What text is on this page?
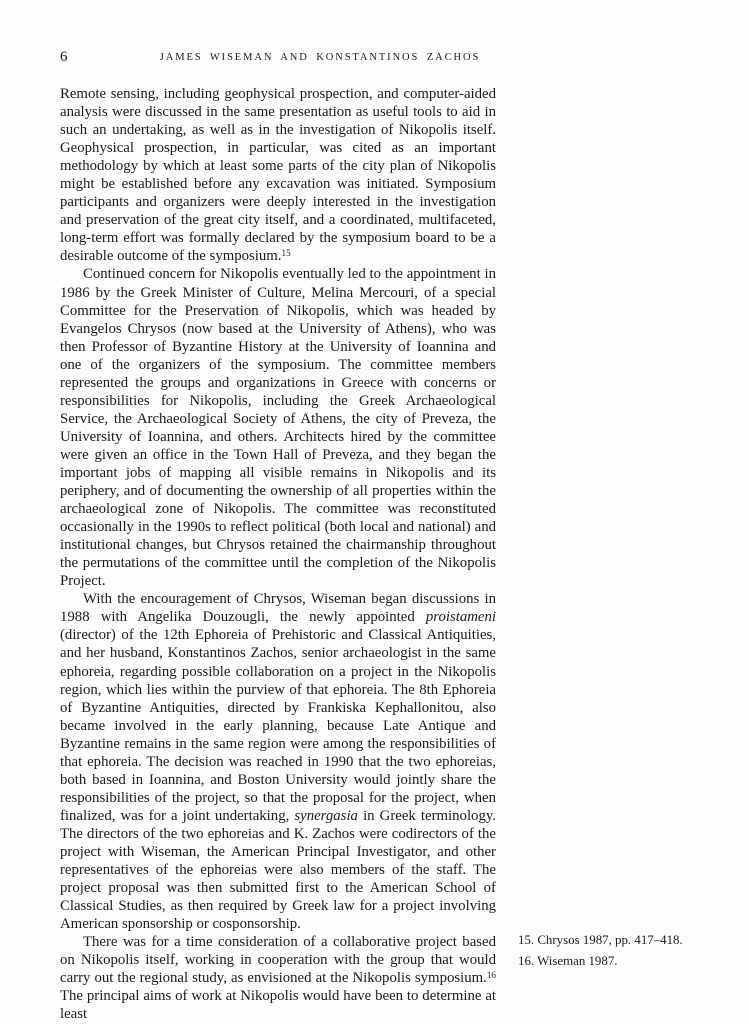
6	JAMES WISEMAN AND KONSTANTINOS ZACHOS

Remote sensing, including geophysical prospection, and computer-aided analysis were discussed in the same presentation as useful tools to aid in such an undertaking, as well as in the investigation of Nikopolis itself. Geophysical prospection, in particular, was cited as an important methodology by which at least some parts of the city plan of Nikopolis might be established before any excavation was initiated. Symposium participants and organizers were deeply interested in the investigation and preservation of the great city itself, and a coordinated, multifaceted, long-term effort was formally declared by the symposium board to be a desirable outcome of the symposium.$^{15}$

Continued concern for Nikopolis eventually led to the appointment in 1986 by the Greek Minister of Culture, Melina Mercouri, of a special Committee for the Preservation of Nikopolis, which was headed by Evangelos Chrysos (now based at the University of Athens), who was then Professor of Byzantine History at the University of Ioannina and one of the organizers of the symposium. The committee members represented the groups and organizations in Greece with concerns or responsibilities for Nikopolis, including the Greek Archaeological Service, the Archaeological Society of Athens, the city of Preveza, the University of Ioannina, and others. Architects hired by the committee were given an office in the Town Hall of Preveza, and they began the important jobs of mapping all visible remains in Nikopolis and its periphery, and of documenting the ownership of all properties within the archaeological zone of Nikopolis. The committee was reconstituted occasionally in the 1990s to reflect political (both local and national) and institutional changes, but Chrysos retained the chairmanship throughout the permutations of the committee until the completion of the Nikopolis Project.

With the encouragement of Chrysos, Wiseman began discussions in 1988 with Angelika Douzougli, the newly appointed proistameni (director) of the 12th Ephoreia of Prehistoric and Classical Antiquities, and her husband, Konstantinos Zachos, senior archaeologist in the same ephoreia, regarding possible collaboration on a project in the Nikopolis region, which lies within the purview of that ephoreia. The 8th Ephoreia of Byzantine Antiquities, directed by Frankiska Kephallonitou, also became involved in the early planning, because Late Antique and Byzantine remains in the same region were among the responsibilities of that ephoreia. The decision was reached in 1990 that the two ephoreias, both based in Ioannina, and Boston University would jointly share the responsibilities of the project, so that the proposal for the project, when finalized, was for a joint undertaking, synergasia in Greek terminology. The directors of the two ephoreias and K. Zachos were codirectors of the project with Wiseman, the American Principal Investigator, and other representatives of the ephoreias were also members of the staff. The project proposal was then submitted first to the American School of Classical Studies, as then required by Greek law for a project involving American sponsorship or cosponsorship.

There was for a time consideration of a collaborative project based on Nikopolis itself, working in cooperation with the group that would carry out the regional study, as envisioned at the Nikopolis symposium.$^{16}$ The principal aims of work at Nikopolis would have been to determine at least

15. Chrysos 1987, pp. 417–418.

16. Wiseman 1987.
